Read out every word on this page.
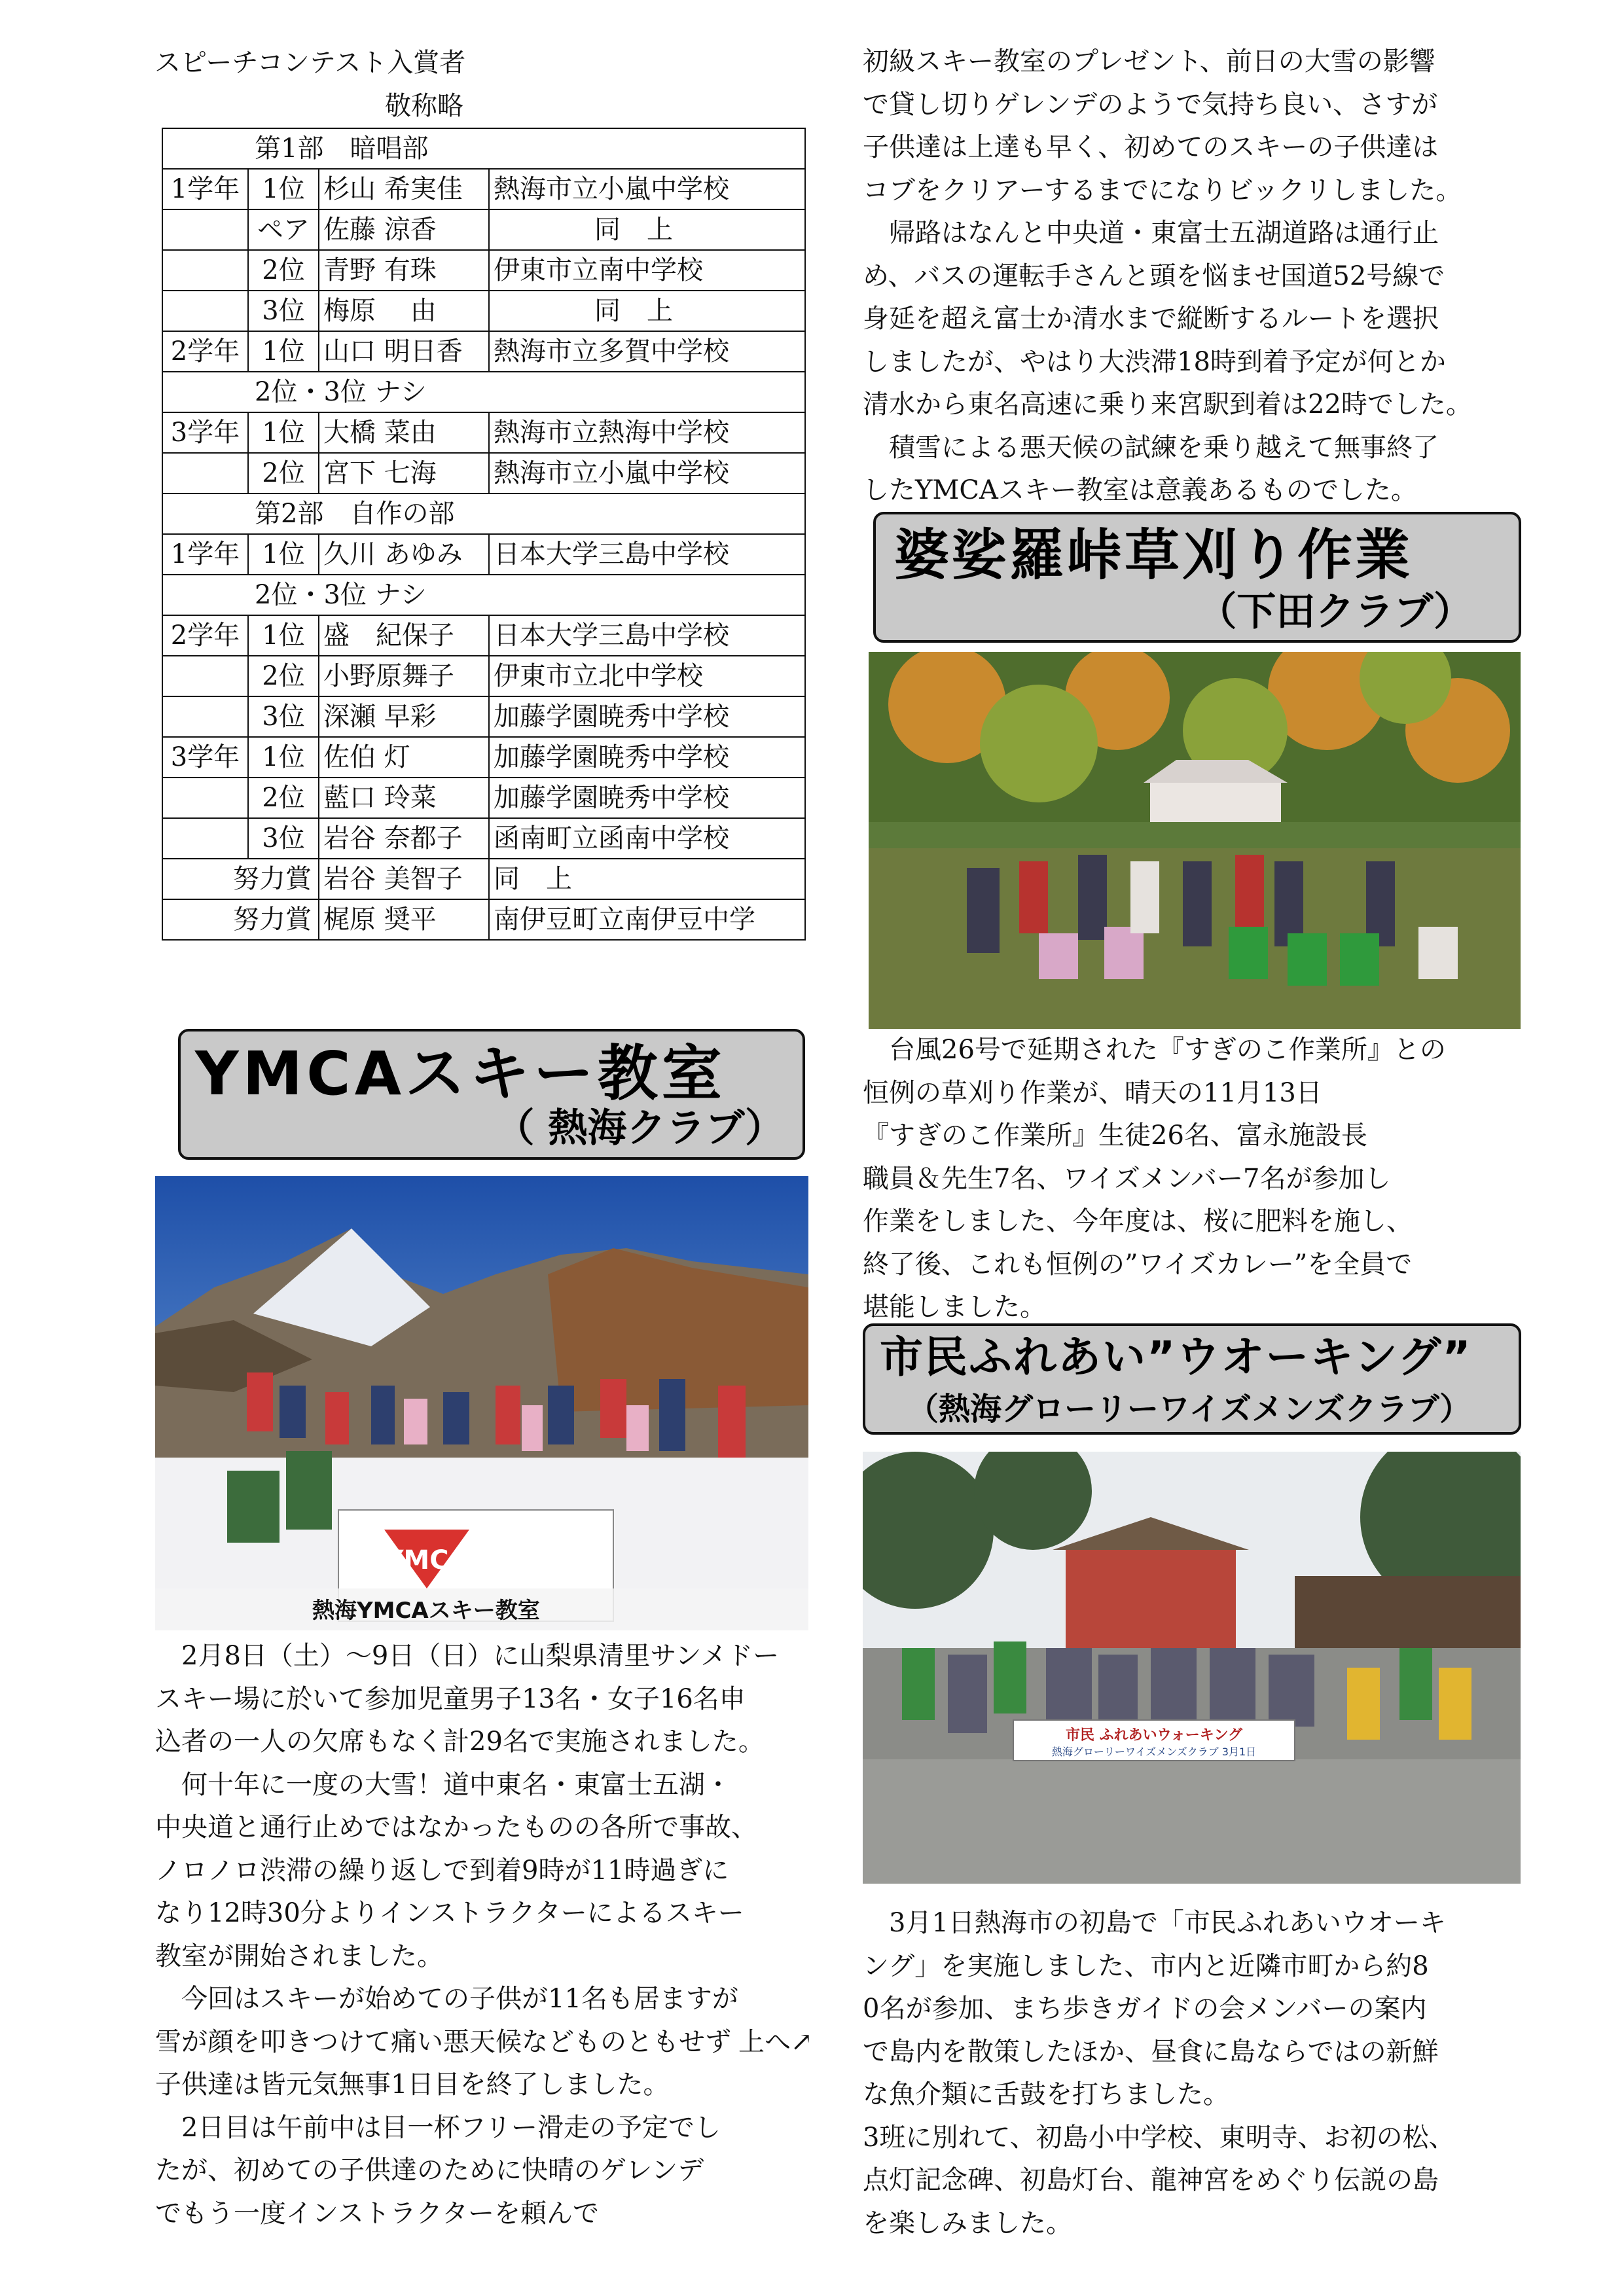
スピーチコンテスト入賞者
敬称略
第1部　暗唱部			
1学年	1位	杉山 希実佳	熱海市立小嵐中学校
	ペア	佐藤 涼香	同　上
	2位	青野 有珠	伊東市立南中学校
	3位	梅原　 由	同　上
2学年	1位	山口 明日香	熱海市立多賀中学校
2位・3位 ナシ			
3学年	1位	大橋 菜由	熱海市立熱海中学校
	2位	宮下 七海	熱海市立小嵐中学校
第2部　自作の部			
1学年	1位	久川 あゆみ	日本大学三島中学校
2位・3位 ナシ			
2学年	1位	盛　紀保子	日本大学三島中学校
	2位	小野原舞子	伊東市立北中学校
	3位	深瀬 早彩	加藤学園暁秀中学校
3学年	1位	佐伯 灯	加藤学園暁秀中学校
	2位	藍口 玲菜	加藤学園暁秀中学校
	3位	岩谷 奈都子	函南町立函南中学校
努力賞		岩谷 美智子	同　上
努力賞		梶原 奨平	南伊豆町立南伊豆中学
YMCAスキー教室
（ 熱海クラブ）
YMCA
熱海YMCAスキー教室

　2月8日（土）～9日（日）に山梨県清里サンメドー
スキー場に於いて参加児童男子13名・女子16名申
込者の一人の欠席もなく計29名で実施されました。

　何十年に一度の大雪！道中東名・東富士五湖・
中央道と通行止めではなかったものの各所で事故、
ノロノロ渋滞の繰り返しで到着9時が11時過ぎに
なり12時30分よりインストラクターによるスキー
教室が開始されました。

　今回はスキーが始めての子供が11名も居ますが
雪が顔を叩きつけて痛い悪天候などものともせず
子供達は皆元気無事1日目を終了しました。

　2日目は午前中は目一杯フリー滑走の予定でし
たが、初めての子供達のために快晴のゲレンデ
でもう一度インストラクターを頼んで

上へ↗

初級スキー教室のプレゼント、前日の大雪の影響
で貸し切りゲレンデのようで気持ち良い、さすが
子供達は上達も早く、初めてのスキーの子供達は
コブをクリアーするまでになりビックリしました。

　帰路はなんと中央道・東富士五湖道路は通行止
め、バスの運転手さんと頭を悩ませ国道52号線で
身延を超え富士か清水まで縦断するルートを選択
しましたが、やはり大渋滞18時到着予定が何とか
清水から東名高速に乗り来宮駅到着は22時でした。

　積雪による悪天候の試練を乗り越えて無事終了
したYMCAスキー教室は意義あるものでした。

婆娑羅峠草刈り作業
（下田クラブ）

　台風26号で延期された『すぎのこ作業所』との
恒例の草刈り作業が、晴天の11月13日
『すぎのこ作業所』生徒26名、富永施設長
職員＆先生7名、ワイズメンバー7名が参加し
作業をしました、今年度は、桜に肥料を施し、
終了後、これも恒例の”ワイズカレー”を全員で
堪能しました。

市民ふれあい”ウオーキング”
（熱海グローリーワイズメンズクラブ）
市民 ふれあいウォーキング
熱海グローリーワイズメンズクラブ 3月1日

　3月1日熱海市の初島で「市民ふれあいウオーキ
ング」を実施しました、市内と近隣市町から約8
0名が参加、まち歩きガイドの会メンバーの案内
で島内を散策したほか、昼食に島ならではの新鮮
な魚介類に舌鼓を打ちました。

3班に別れて、初島小中学校、東明寺、お初の松、
点灯記念碑、初島灯台、龍神宮をめぐり伝説の島
を楽しみました。
